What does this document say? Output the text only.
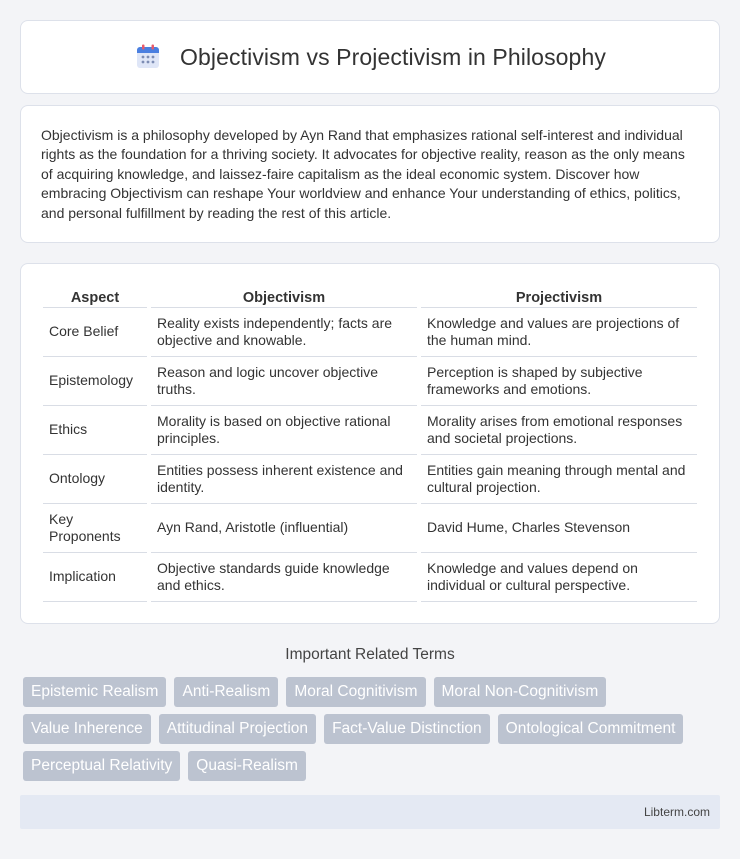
Objectivism vs Projectivism in Philosophy

Objectivism is a philosophy developed by Ayn Rand that emphasizes rational self-interest and individual rights as the foundation for a thriving society. It advocates for objective reality, reason as the only means of acquiring knowledge, and laissez-faire capitalism as the ideal economic system. Discover how embracing Objectivism can reshape Your worldview and enhance Your understanding of ethics, politics, and personal fulfillment by reading the rest of this article.

Aspect	Objectivism	Projectivism
Core Belief	Reality exists independently; facts are objective and knowable.	Knowledge and values are projections of the human mind.
Epistemology	Reason and logic uncover objective truths.	Perception is shaped by subjective frameworks and emotions.
Ethics	Morality is based on objective rational principles.	Morality arises from emotional responses and societal projections.
Ontology	Entities possess inherent existence and identity.	Entities gain meaning through mental and cultural projection.
Key Proponents	Ayn Rand, Aristotle (influential)	David Hume, Charles Stevenson
Implication	Objective standards guide knowledge and ethics.	Knowledge and values depend on individual or cultural perspective.
Important Related Terms
Epistemic Realism	Anti-Realism	Moral Cognitivism	Moral Non-Cognitivism
Value Inherence	Attitudinal Projection	Fact-Value Distinction	Ontological Commitment
Perceptual Relativity	Quasi-Realism
Libterm.com
